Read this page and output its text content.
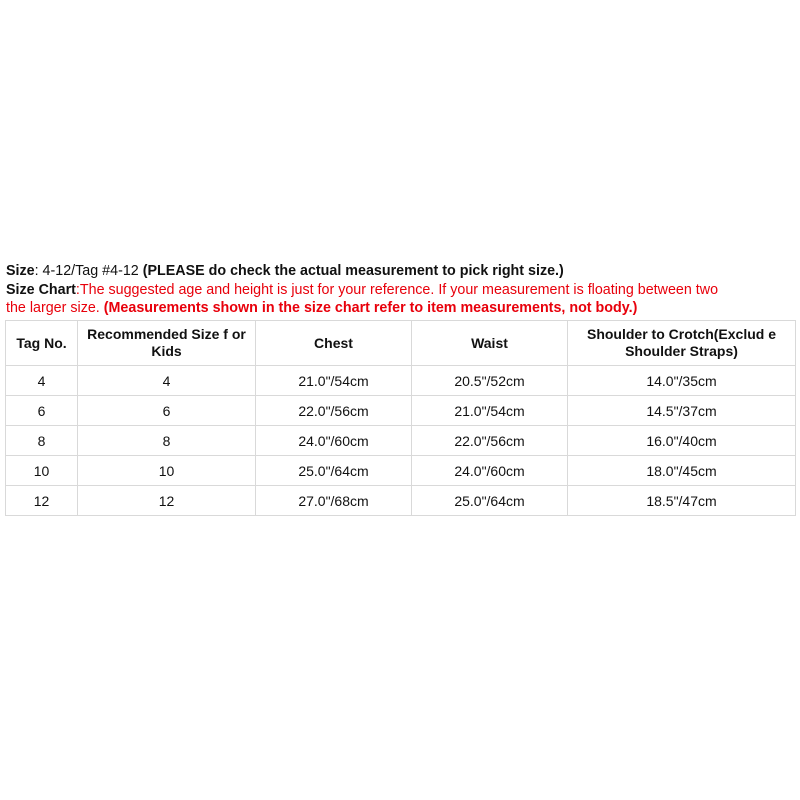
Size: 4-12/Tag #4-12 (PLEASE do check the actual measurement to pick right size.)
Size Chart:The suggested age and height is just for your reference. If your measurement is floating between two
the larger size. (Measurements shown in the size chart refer to item measurements, not body.)
Tag No.	Recommended Size f or Kids	Chest	Waist	Shoulder to Crotch(Exclud e Shoulder Straps)
4	4	21.0"/54cm	20.5"/52cm	14.0"/35cm
6	6	22.0"/56cm	21.0"/54cm	14.5"/37cm
8	8	24.0"/60cm	22.0"/56cm	16.0"/40cm
10	10	25.0"/64cm	24.0"/60cm	18.0"/45cm
12	12	27.0"/68cm	25.0"/64cm	18.5"/47cm
